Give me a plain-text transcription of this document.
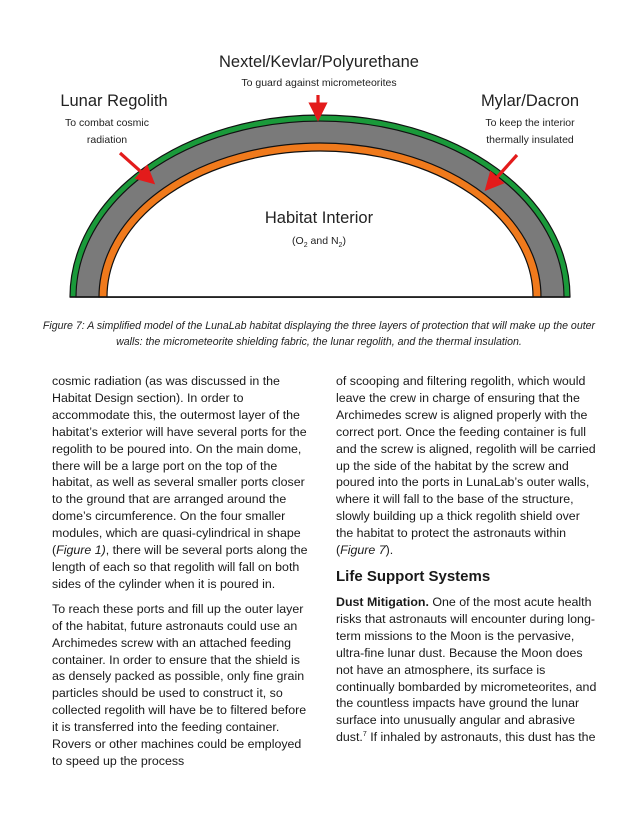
Nextel/Kevlar/Polyurethane
To guard against micrometeorites
Lunar Regolith
To combat cosmic
radiation
Mylar/Dacron
To keep the interior
thermally insulated
Habitat Interior
($O_2$ and $N_2$)
Figure 7: A simplified model of the LunaLab habitat displaying the three layers of protection that will make up the outer walls: the micrometeorite shielding fabric, the lunar regolith, and the thermal insulation.

cosmic radiation (as was discussed in the Habitat Design section). In order to accommodate this, the outermost layer of the habitat’s exterior will have several ports for the regolith to be poured into. On the main dome, there will be a large port on the top of the habitat, as well as several smaller ports closer to the ground that are arranged around the dome’s circumference. On the four smaller modules, which are quasi-cylindrical in shape (Figure 1), there will be several ports along the length of each so that regolith will fall on both sides of the cylinder when it is poured in.

To reach these ports and fill up the outer layer of the habitat, future astronauts could use an Archimedes screw with an attached feeding container. In order to ensure that the shield is as densely packed as possible, only fine grain particles should be used to construct it, so collected regolith will have be to filtered before it is transferred into the feeding container. Rovers or other machines could be employed to speed up the process

of scooping and filtering regolith, which would leave the crew in charge of ensuring that the Archimedes screw is aligned properly with the correct port. Once the feeding container is full and the screw is aligned, regolith will be carried up the side of the habitat by the screw and poured into the ports in LunaLab’s outer walls, where it will fall to the base of the structure, slowly building up a thick regolith shield over the habitat to protect the astronauts within (Figure 7).

Life Support Systems

Dust Mitigation. One of the most acute health risks that astronauts will encounter during long-term missions to the Moon is the pervasive, ultra-fine lunar dust. Because the Moon does not have an atmosphere, its surface is continually bombarded by micrometeorites, and the countless impacts have ground the lunar surface into unusually angular and abrasive dust.$^7$ If inhaled by astronauts, this dust has the
